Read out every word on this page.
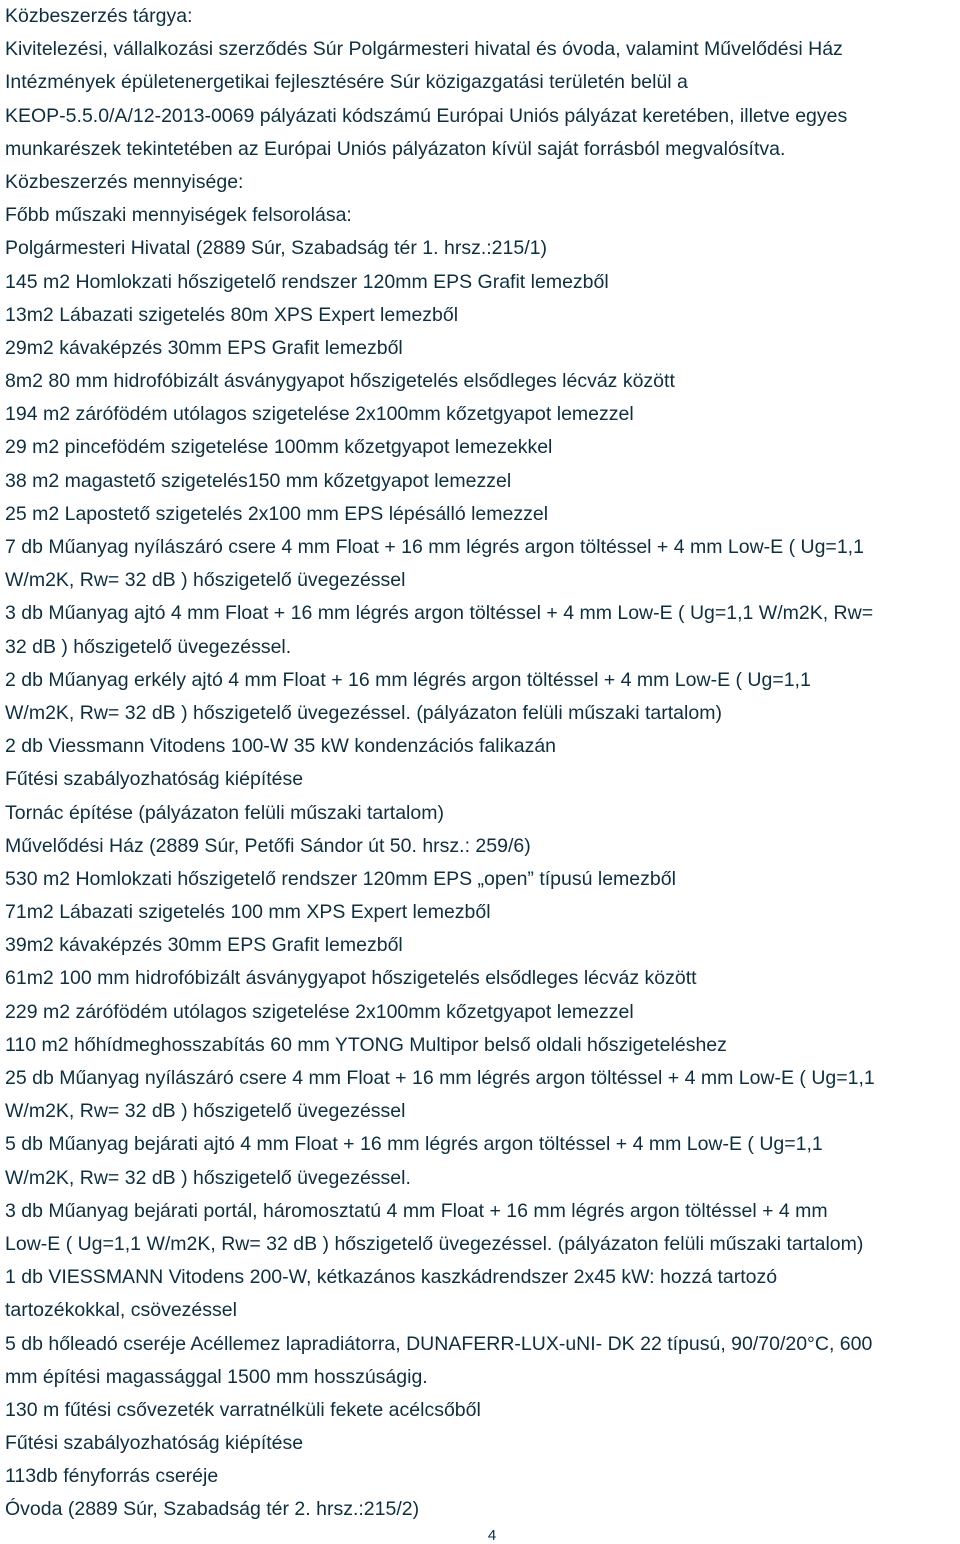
Közbeszerzés tárgya:
Kivitelezési, vállalkozási szerződés Súr Polgármesteri hivatal és óvoda, valamint Művelődési Ház
Intézmények épületenergetikai fejlesztésére Súr közigazgatási területén belül a
KEOP-5.5.0/A/12-2013-0069 pályázati kódszámú Európai Uniós pályázat keretében, illetve egyes
munkarészek tekintetében az Európai Uniós pályázaton kívül saját forrásból megvalósítva.
Közbeszerzés mennyisége:
Főbb műszaki mennyiségek felsorolása:
Polgármesteri Hivatal (2889 Súr, Szabadság tér 1. hrsz.:215/1)
145 m2 Homlokzati hőszigetelő rendszer 120mm EPS Grafit lemezből
13m2 Lábazati szigetelés 80m XPS Expert lemezből
29m2 kávaképzés 30mm EPS Grafit lemezből
8m2 80 mm hidrofóbizált ásványgyapot hőszigetelés elsődleges lécváz között
194 m2 zárófödém utólagos szigetelése 2x100mm kőzetgyapot lemezzel
29 m2 pincefödém szigetelése 100mm kőzetgyapot lemezekkel
38 m2 magastető szigetelés150 mm kőzetgyapot lemezzel
25 m2 Lapostető szigetelés 2x100 mm EPS lépésálló lemezzel
7 db Műanyag nyílászáró csere 4 mm Float + 16 mm légrés argon töltéssel + 4 mm Low-E ( Ug=1,1
W/m2K, Rw= 32 dB ) hőszigetelő üvegezéssel
3 db Műanyag ajtó 4 mm Float + 16 mm légrés argon töltéssel + 4 mm Low-E ( Ug=1,1 W/m2K, Rw=
32 dB ) hőszigetelő üvegezéssel.
2 db Műanyag erkély ajtó 4 mm Float + 16 mm légrés argon töltéssel + 4 mm Low-E ( Ug=1,1
W/m2K, Rw= 32 dB ) hőszigetelő üvegezéssel. (pályázaton felüli műszaki tartalom)
2 db Viessmann Vitodens 100-W 35 kW kondenzációs falikazán
Fűtési szabályozhatóság kiépítése
Tornác építése (pályázaton felüli műszaki tartalom)
Művelődési Ház (2889 Súr, Petőfi Sándor út 50. hrsz.: 259/6)
530 m2 Homlokzati hőszigetelő rendszer 120mm EPS „open” típusú lemezből
71m2 Lábazati szigetelés 100 mm XPS Expert lemezből
39m2 kávaképzés 30mm EPS Grafit lemezből
61m2 100 mm hidrofóbizált ásványgyapot hőszigetelés elsődleges lécváz között
229 m2 zárófödém utólagos szigetelése 2x100mm kőzetgyapot lemezzel
110 m2 hőhídmeghosszabítás 60 mm YTONG Multipor belső oldali hőszigeteléshez
25 db Műanyag nyílászáró csere 4 mm Float + 16 mm légrés argon töltéssel + 4 mm Low-E ( Ug=1,1
W/m2K, Rw= 32 dB ) hőszigetelő üvegezéssel
5 db Műanyag bejárati ajtó 4 mm Float + 16 mm légrés argon töltéssel + 4 mm Low-E ( Ug=1,1
W/m2K, Rw= 32 dB ) hőszigetelő üvegezéssel.
3 db Műanyag bejárati portál, háromosztatú 4 mm Float + 16 mm légrés argon töltéssel + 4 mm
Low-E ( Ug=1,1 W/m2K, Rw= 32 dB ) hőszigetelő üvegezéssel. (pályázaton felüli műszaki tartalom)
1 db VIESSMANN Vitodens 200-W, kétkazános kaszkádrendszer 2x45 kW: hozzá tartozó
tartozékokkal, csövezéssel
5 db hőleadó cseréje Acéllemez lapradiátorra, DUNAFERR-LUX-uNI- DK 22 típusú, 90/70/20°C, 600
mm építési magassággal 1500 mm hosszúságig.
130 m fűtési csővezeték varratnélküli fekete acélcsőből
Fűtési szabályozhatóság kiépítése
113db fényforrás cseréje
Óvoda (2889 Súr, Szabadság tér 2. hrsz.:215/2)
4
